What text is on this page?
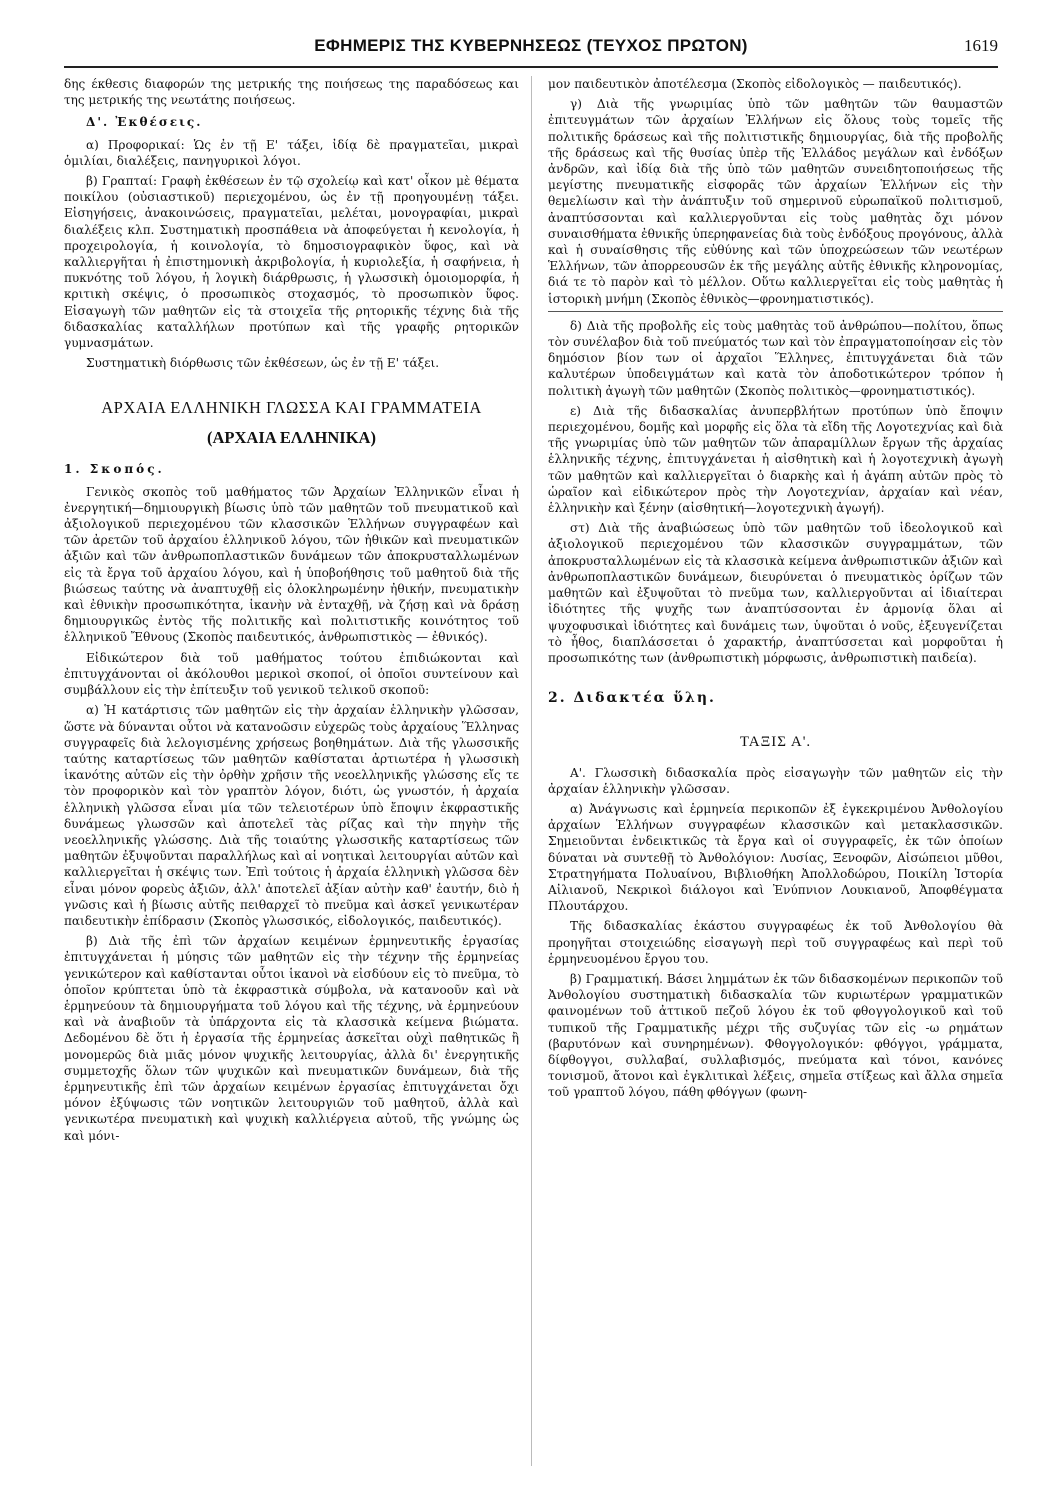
ΕΦΗΜΕΡΙΣ ΤΗΣ ΚΥΒΕΡΝΗΣΕΩΣ (ΤΕΥΧΟΣ ΠΡΩΤΟΝ)	1619

δης έκθεσις διαφορών της μετρικής της ποιήσεως της παραδόσεως και της μετρικής της νεωτάτης ποιήσεως.

Δ'. Ἐκθέσεις.

α) Προφορικαί: Ὡς ἐν τῇ Ε' τάξει, ἰδίᾳ δὲ πραγματεῖαι, μικραὶ ὁμιλίαι, διαλέξεις, πανηγυρικοὶ λόγοι.

β) Γραπταί: Γραφὴ ἐκθέσεων ἐν τῷ σχολείῳ καὶ κατ' οἶκον μὲ θέματα ποικίλου (οὐσιαστικοῦ) περιεχομένου, ὡς ἐν τῇ προηγουμένῃ τάξει. Εἰσηγήσεις, ἀνακοινώσεις, πραγματεῖαι, μελέται, μονογραφίαι, μικραὶ διαλέξεις κλπ. Συστηματικὴ προσπάθεια νὰ ἀποφεύγεται ἡ κενολογία, ἡ προχειρολογία, ἡ κοινολογία, τὸ δημοσιογραφικὸν ὕφος, καὶ νὰ καλλιεργῆται ἡ ἐπιστημονικὴ ἀκριβολογία, ἡ κυριολεξία, ἡ σαφήνεια, ἡ πυκνότης τοῦ λόγου, ἡ λογικὴ διάρθρωσις, ἡ γλωσσικὴ ὁμοιομορφία, ἡ κριτικὴ σκέψις, ὁ προσωπικὸς στοχασμός, τὸ προσωπικὸν ὕφος. Εἰσαγωγὴ τῶν μαθητῶν εἰς τὰ στοιχεῖα τῆς ρητορικῆς τέχνης διὰ τῆς διδασκαλίας καταλλήλων προτύπων καὶ τῆς γραφῆς ρητορικῶν γυμνασμάτων.

Συστηματικὴ διόρθωσις τῶν ἐκθέσεων, ὡς ἐν τῇ Ε' τάξει.

ΑΡΧΑΙΑ ΕΛΛΗΝΙΚΗ ΓΛΩΣΣΑ ΚΑΙ ΓΡΑΜΜΑΤΕΙΑ
(ΑΡΧΑΙΑ ΕΛΛΗΝΙΚΑ)

1. Σκοπός.

Γενικὸς σκοπὸς τοῦ μαθήματος τῶν Ἀρχαίων Ἑλληνικῶν εἶναι ἡ ἐνεργητική—δημιουργικὴ βίωσις ὑπὸ τῶν μαθητῶν τοῦ πνευματικοῦ καὶ ἀξιολογικοῦ περιεχομένου τῶν κλασσικῶν Ἑλλήνων συγγραφέων καὶ τῶν ἀρετῶν τοῦ ἀρχαίου ἑλληνικοῦ λόγου, τῶν ἠθικῶν καὶ πνευματικῶν ἀξιῶν καὶ τῶν ἀνθρωποπλαστικῶν δυνάμεων τῶν ἀποκρυσταλλωμένων εἰς τὰ ἔργα τοῦ ἀρχαίου λόγου, καὶ ἡ ὑποβοήθησις τοῦ μαθητοῦ διὰ τῆς βιώσεως ταύτης νὰ ἀναπτυχθῇ εἰς ὁλοκληρωμένην ἠθικήν, πνευματικὴν καὶ ἐθνικὴν προσωπικότητα, ἱκανὴν νὰ ἐνταχθῇ, νὰ ζήσῃ καὶ νὰ δράσῃ δημιουργικῶς ἐντὸς τῆς πολιτικῆς καὶ πολιτιστικῆς κοινότητος τοῦ ἑλληνικοῦ Ἔθνους (Σκοπὸς παιδευτικός, ἀνθρωπιστικὸς — ἐθνικός).

Εἰδικώτερον διὰ τοῦ μαθήματος τούτου ἐπιδιώκονται καὶ ἐπιτυγχάνονται οἱ ἀκόλουθοι μερικοὶ σκοποί, οἱ ὁποῖοι συντείνουν καὶ συμβάλλουν εἰς τὴν ἐπίτευξιν τοῦ γενικοῦ τελικοῦ σκοποῦ:

α) Ἡ κατάρτισις τῶν μαθητῶν εἰς τὴν ἀρχαίαν ἑλληνικὴν γλῶσσαν, ὥστε νὰ δύνανται οὗτοι νὰ κατανοῶσιν εὐχερῶς τοὺς ἀρχαίους Ἕλληνας συγγραφεῖς διὰ λελογισμένης χρήσεως βοηθημάτων. Διὰ τῆς γλωσσικῆς ταύτης καταρτίσεως τῶν μαθητῶν καθίσταται ἀρτιωτέρα ἡ γλωσσικὴ ἱκανότης αὐτῶν εἰς τὴν ὀρθὴν χρῆσιν τῆς νεοελληνικῆς γλώσσης εἴς τε τὸν προφορικὸν καὶ τὸν γραπτὸν λόγον, διότι, ὡς γνωστόν, ἡ ἀρχαία ἑλληνικὴ γλῶσσα εἶναι μία τῶν τελειοτέρων ὑπὸ ἔποψιν ἐκφραστικῆς δυνάμεως γλωσσῶν καὶ ἀποτελεῖ τὰς ρίζας καὶ τὴν πηγὴν τῆς νεοελληνικῆς γλώσσης. Διὰ τῆς τοιαύτης γλωσσικῆς καταρτίσεως τῶν μαθητῶν ἐξυψοῦνται παραλλήλως καὶ αἱ νοητικαὶ λειτουργίαι αὐτῶν καὶ καλλιεργεῖται ἡ σκέψις των. Ἐπὶ τούτοις ἡ ἀρχαία ἑλληνικὴ γλῶσσα δὲν εἶναι μόνον φορεὺς ἀξιῶν, ἀλλ' ἀποτελεῖ ἀξίαν αὐτὴν καθ' ἑαυτήν, διὸ ἡ γνῶσις καὶ ἡ βίωσις αὐτῆς πειθαρχεῖ τὸ πνεῦμα καὶ ἀσκεῖ γενικωτέραν παιδευτικὴν ἐπίδρασιν (Σκοπὸς γλωσσικός, εἰδολογικός, παιδευτικός).

β) Διὰ τῆς ἐπὶ τῶν ἀρχαίων κειμένων ἑρμηνευτικῆς ἐργασίας ἐπιτυγχάνεται ἡ μύησις τῶν μαθητῶν εἰς τὴν τέχνην τῆς ἑρμηνείας γενικώτερον καὶ καθίστανται οὗτοι ἱκανοὶ νὰ εἰσδύουν εἰς τὸ πνεῦμα, τὸ ὁποῖον κρύπτεται ὑπὸ τὰ ἐκφραστικὰ σύμβολα, νὰ κατανοοῦν καὶ νὰ ἑρμηνεύουν τὰ δημιουργήματα τοῦ λόγου καὶ τῆς τέχνης, νὰ ἑρμηνεύουν καὶ νὰ ἀναβιοῦν τὰ ὑπάρχοντα εἰς τὰ κλασσικὰ κείμενα βιώματα. Δεδομένου δὲ ὅτι ἡ ἐργασία τῆς ἑρμηνείας ἀσκεῖται οὐχὶ παθητικῶς ἢ μονομερῶς διὰ μιᾶς μόνον ψυχικῆς λειτουργίας, ἀλλὰ δι' ἐνεργητικῆς συμμετοχῆς ὅλων τῶν ψυχικῶν καὶ πνευματικῶν δυνάμεων, διὰ τῆς ἑρμηνευτικῆς ἐπὶ τῶν ἀρχαίων κειμένων ἐργασίας ἐπιτυγχάνεται ὄχι μόνον ἐξύψωσις τῶν νοητικῶν λειτουργιῶν τοῦ μαθητοῦ, ἀλλὰ καὶ γενικωτέρα πνευματικὴ καὶ ψυχικὴ καλλιέργεια αὐτοῦ, τῆς γνώμης ὡς καὶ μόνι-

μον παιδευτικὸν ἀποτέλεσμα (Σκοπὸς εἰδολογικὸς — παιδευτικός).

γ) Διὰ τῆς γνωριμίας ὑπὸ τῶν μαθητῶν τῶν θαυμαστῶν ἐπιτευγμάτων τῶν ἀρχαίων Ἑλλήνων εἰς ὅλους τοὺς τομεῖς τῆς πολιτικῆς δράσεως καὶ τῆς πολιτιστικῆς δημιουργίας, διὰ τῆς προβολῆς τῆς δράσεως καὶ τῆς θυσίας ὑπὲρ τῆς Ἑλλάδος μεγάλων καὶ ἐνδόξων ἀνδρῶν, καὶ ἰδίᾳ διὰ τῆς ὑπὸ τῶν μαθητῶν συνειδητοποιήσεως τῆς μεγίστης πνευματικῆς εἰσφορᾶς τῶν ἀρχαίων Ἑλλήνων εἰς τὴν θεμελίωσιν καὶ τὴν ἀνάπτυξιν τοῦ σημερινοῦ εὐρωπαϊκοῦ πολιτισμοῦ, ἀναπτύσσονται καὶ καλλιεργοῦνται εἰς τοὺς μαθητὰς ὄχι μόνον συναισθήματα ἐθνικῆς ὑπερηφανείας διὰ τοὺς ἐνδόξους προγόνους, ἀλλὰ καὶ ἡ συναίσθησις τῆς εὐθύνης καὶ τῶν ὑποχρεώσεων τῶν νεωτέρων Ἑλλήνων, τῶν ἀπορρεουσῶν ἐκ τῆς μεγάλης αὐτῆς ἐθνικῆς κληρονομίας, διά τε τὸ παρὸν καὶ τὸ μέλλον. Οὕτω καλλιεργεῖται εἰς τοὺς μαθητὰς ἡ ἱστορικὴ μνήμη (Σκοπὸς ἐθνικὸς—φρονηματιστικός).

δ) Διὰ τῆς προβολῆς εἰς τοὺς μαθητὰς τοῦ ἀνθρώπου—πολίτου, ὅπως τὸν συνέλαβον διὰ τοῦ πνεύματός των καὶ τὸν ἐπραγματοποίησαν εἰς τὸν δημόσιον βίον των οἱ ἀρχαῖοι Ἕλληνες, ἐπιτυγχάνεται διὰ τῶν καλυτέρων ὑποδειγμάτων καὶ κατὰ τὸν ἀποδοτικώτερον τρόπον ἡ πολιτικὴ ἀγωγὴ τῶν μαθητῶν (Σκοπὸς πολιτικὸς—φρονηματιστικός).

ε) Διὰ τῆς διδασκαλίας ἀνυπερβλήτων προτύπων ὑπὸ ἔποψιν περιεχομένου, δομῆς καὶ μορφῆς εἰς ὅλα τὰ εἴδη τῆς Λογοτεχνίας καὶ διὰ τῆς γνωριμίας ὑπὸ τῶν μαθητῶν τῶν ἀπαραμίλλων ἔργων τῆς ἀρχαίας ἑλληνικῆς τέχνης, ἐπιτυγχάνεται ἡ αἰσθητικὴ καὶ ἡ λογοτεχνικὴ ἀγωγὴ τῶν μαθητῶν καὶ καλλιεργεῖται ὁ διαρκὴς καὶ ἡ ἀγάπη αὐτῶν πρὸς τὸ ὡραῖον καὶ εἰδικώτερον πρὸς τὴν Λογοτεχνίαν, ἀρχαίαν καὶ νέαν, ἑλληνικὴν καὶ ξένην (αἰσθητική—λογοτεχνικὴ ἀγωγή).

στ) Διὰ τῆς ἀναβιώσεως ὑπὸ τῶν μαθητῶν τοῦ ἰδεολογικοῦ καὶ ἀξιολογικοῦ περιεχομένου τῶν κλασσικῶν συγγραμμάτων, τῶν ἀποκρυσταλλωμένων εἰς τὰ κλασσικὰ κείμενα ἀνθρωπιστικῶν ἀξιῶν καὶ ἀνθρωποπλαστικῶν δυνάμεων, διευρύνεται ὁ πνευματικὸς ὁρίζων τῶν μαθητῶν καὶ ἐξυψοῦται τὸ πνεῦμα των, καλλιεργοῦνται αἱ ἰδιαίτεραι ἰδιότητες τῆς ψυχῆς των ἀναπτύσσονται ἐν ἁρμονίᾳ ὅλαι αἱ ψυχοφυσικαὶ ἰδιότητες καὶ δυνάμεις των, ὑψοῦται ὁ νοῦς, ἐξευγενίζεται τὸ ἦθος, διαπλάσσεται ὁ χαρακτήρ, ἀναπτύσσεται καὶ μορφοῦται ἡ προσωπικότης των (ἀνθρωπιστικὴ μόρφωσις, ἀνθρωπιστικὴ παιδεία).

2. Διδακτέα ὕλη.

ΤΑΞΙΣ Α'.

Α'. Γλωσσικὴ διδασκαλία πρὸς εἰσαγωγὴν τῶν μαθητῶν εἰς τὴν ἀρχαίαν ἑλληνικὴν γλῶσσαν.

α) Ἀνάγνωσις καὶ ἑρμηνεία περικοπῶν ἐξ ἐγκεκριμένου Ἀνθολογίου ἀρχαίων Ἑλλήνων συγγραφέων κλασσικῶν καὶ μετακλασσικῶν. Σημειοῦνται ἐνδεικτικῶς τὰ ἔργα καὶ οἱ συγγραφεῖς, ἐκ τῶν ὁποίων δύναται νὰ συντεθῇ τὸ Ἀνθολόγιον: Λυσίας, Ξενοφῶν, Αἰσώπειοι μῦθοι, Στρατηγήματα Πολυαίνου, Βιβλιοθήκη Ἀπολλοδώρου, Ποικίλη Ἱστορία Αἰλιανοῦ, Νεκρικοὶ διάλογοι καὶ Ἐνύπνιον Λουκιανοῦ, Ἀποφθέγματα Πλουτάρχου.

Τῆς διδασκαλίας ἑκάστου συγγραφέως ἐκ τοῦ Ἀνθολογίου θὰ προηγῆται στοιχειώδης εἰσαγωγὴ περὶ τοῦ συγγραφέως καὶ περὶ τοῦ ἑρμηνευομένου ἔργου του.

β) Γραμματική. Βάσει λημμάτων ἐκ τῶν διδασκομένων περικοπῶν τοῦ Ἀνθολογίου συστηματικὴ διδασκαλία τῶν κυριωτέρων γραμματικῶν φαινομένων τοῦ ἀττικοῦ πεζοῦ λόγου ἐκ τοῦ φθογγολογικοῦ καὶ τοῦ τυπικοῦ τῆς Γραμματικῆς μέχρι τῆς συζυγίας τῶν εἰς -ω ρημάτων (βαρυτόνων καὶ συνηρημένων). Φθογγολογικόν: φθόγγοι, γράμματα, δίφθογγοι, συλλαβαί, συλλαβισμός, πνεύματα καὶ τόνοι, κανόνες τονισμοῦ, ἄτονοι καὶ ἐγκλιτικαὶ λέξεις, σημεῖα στίξεως καὶ ἄλλα σημεῖα τοῦ γραπτοῦ λόγου, πάθη φθόγγων (φωνη-
